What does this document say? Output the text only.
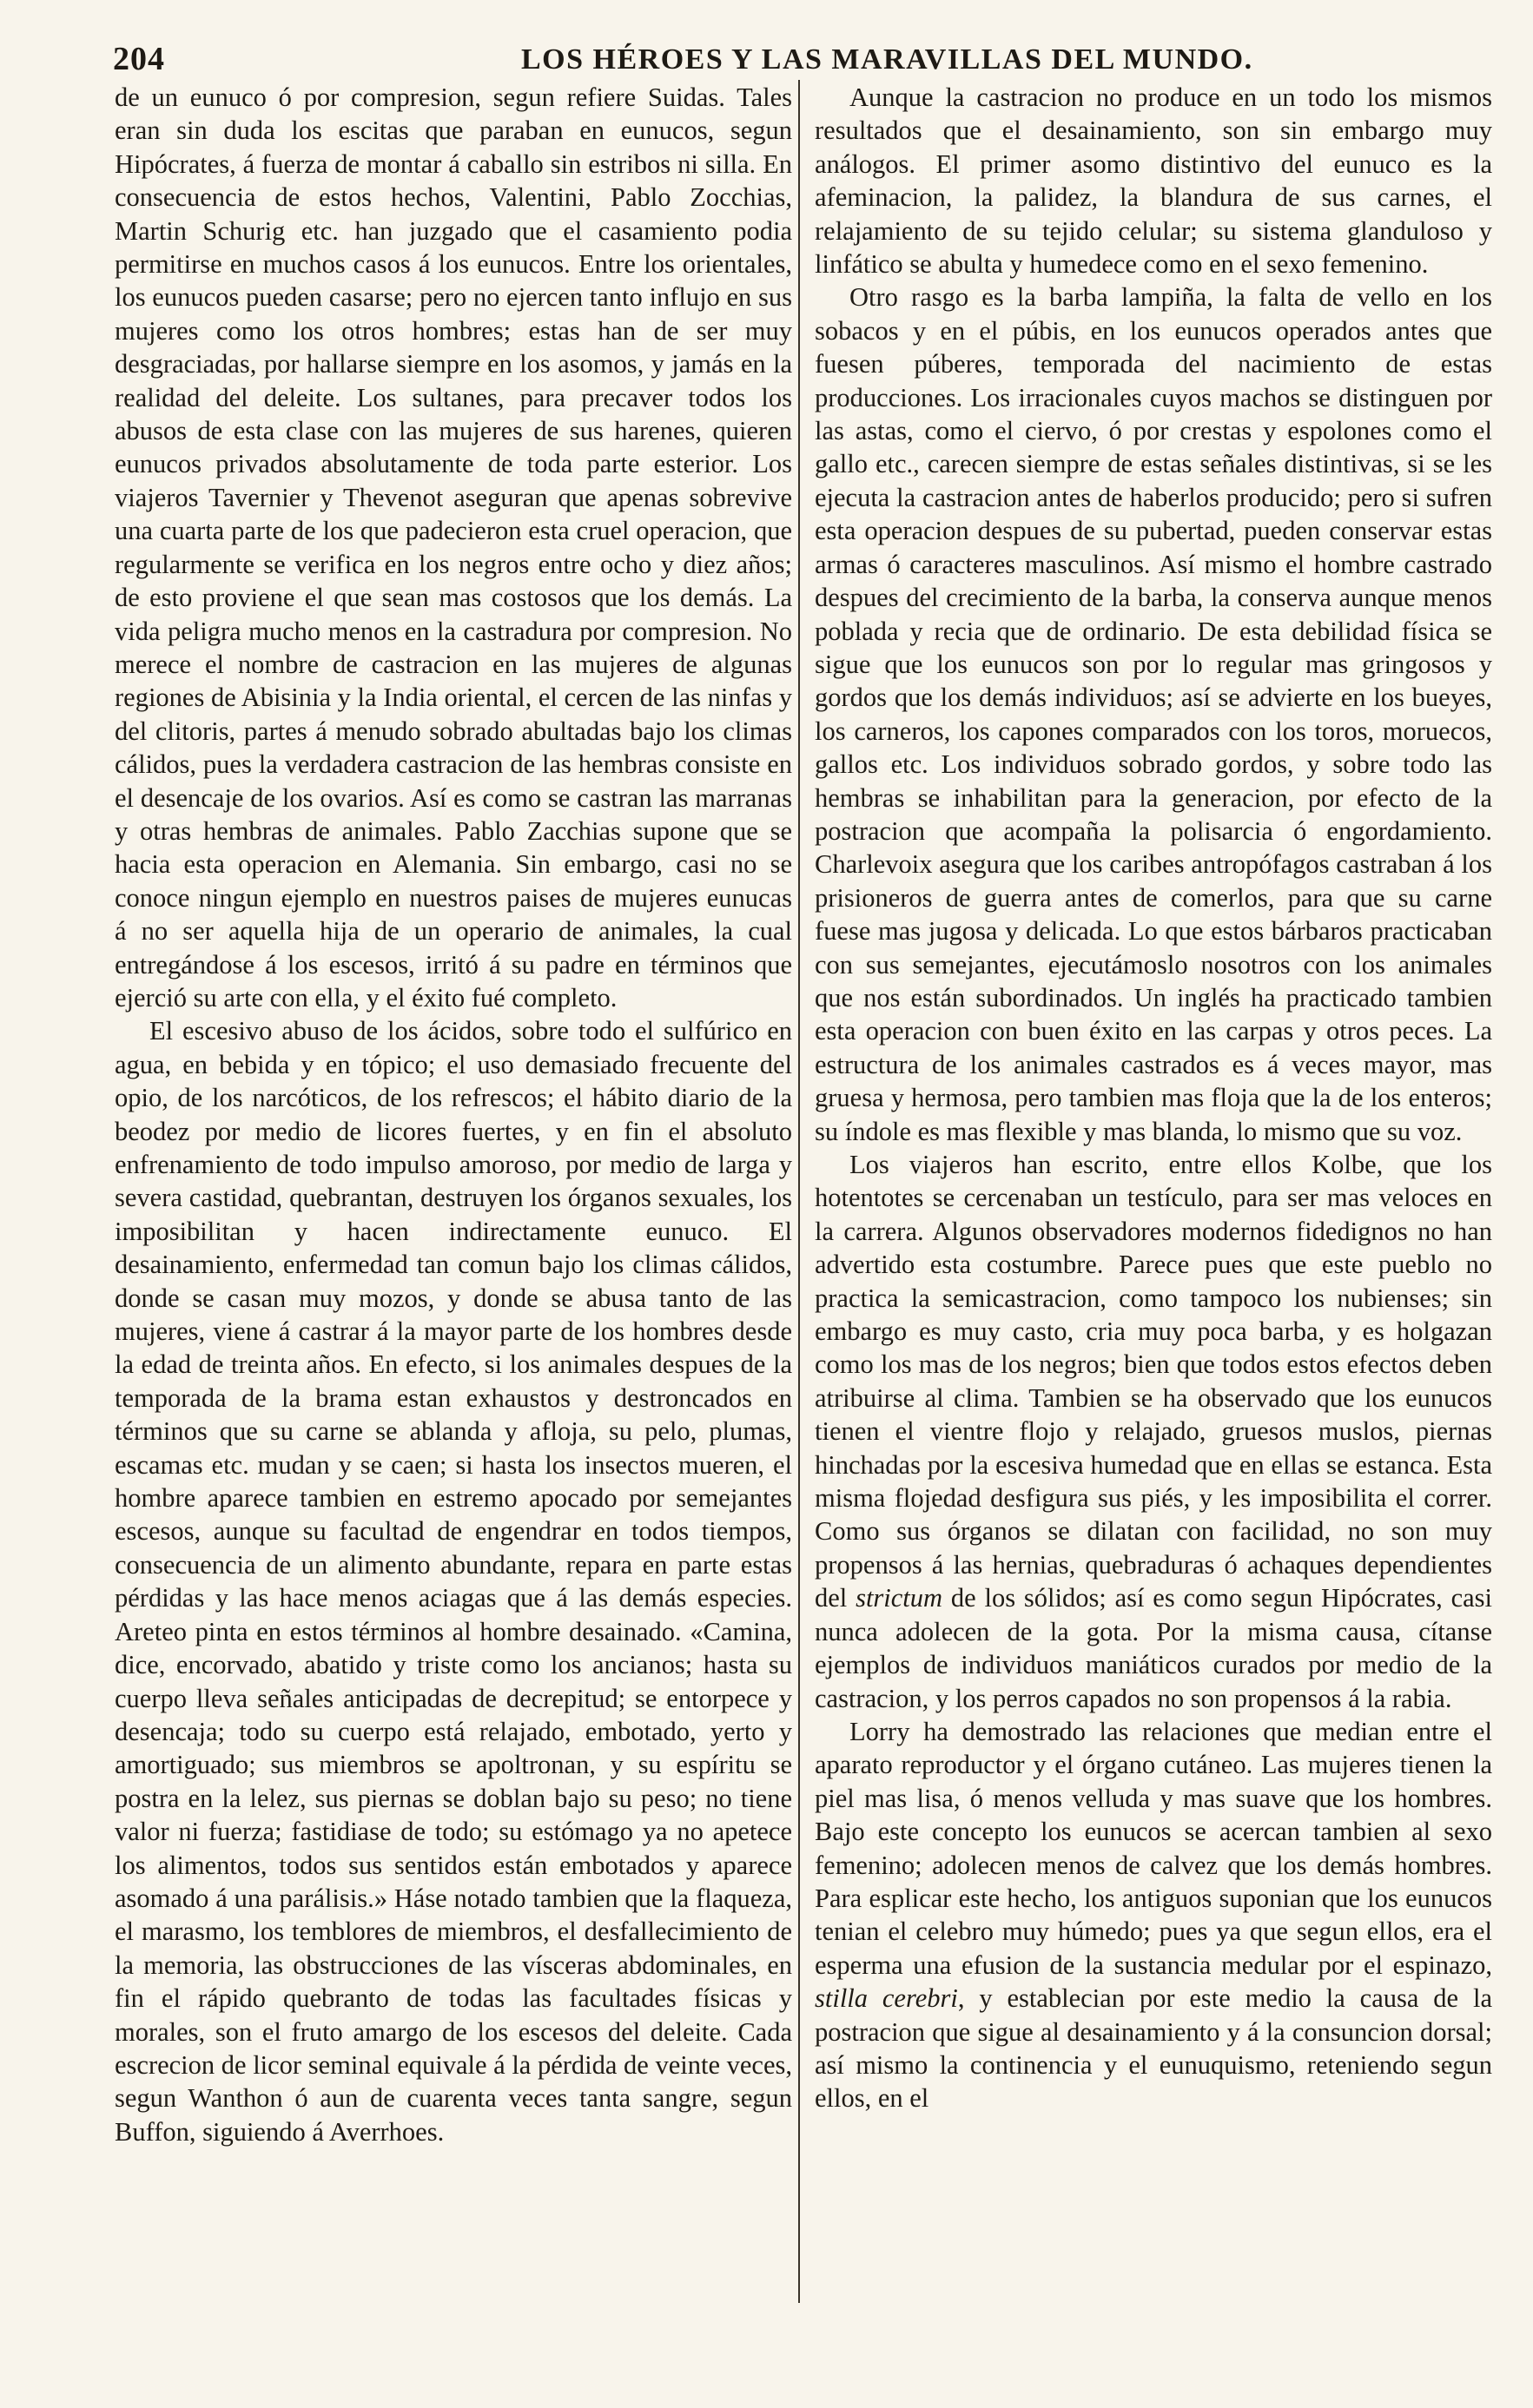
204	LOS HÉROES Y LAS MARAVILLAS DEL MUNDO.

de un eunuco ó por compresion, segun refiere Suidas. Tales eran sin duda los escitas que paraban en eunucos, segun Hipócrates, á fuerza de montar á caballo sin estribos ni silla. En consecuencia de estos hechos, Valentini, Pablo Zocchias, Martin Schurig etc. han juzgado que el casamiento podia permitirse en muchos casos á los eunucos. Entre los orientales, los eunucos pueden casarse; pero no ejercen tanto influjo en sus mujeres como los otros hombres; estas han de ser muy desgraciadas, por hallarse siempre en los asomos, y jamás en la realidad del deleite. Los sultanes, para precaver todos los abusos de esta clase con las mujeres de sus harenes, quieren eunucos privados absolutamente de toda parte esterior. Los viajeros Tavernier y Thevenot aseguran que apenas sobrevive una cuarta parte de los que padecieron esta cruel operacion, que regularmente se verifica en los negros entre ocho y diez años; de esto proviene el que sean mas costosos que los demás. La vida peligra mucho menos en la castradura por compresion. No merece el nombre de castracion en las mujeres de algunas regiones de Abisinia y la India oriental, el cercen de las ninfas y del clitoris, partes á menudo sobrado abultadas bajo los climas cálidos, pues la verdadera castracion de las hembras consiste en el desencaje de los ovarios. Así es como se castran las marranas y otras hembras de animales. Pablo Zacchias supone que se hacia esta operacion en Alemania. Sin embargo, casi no se conoce ningun ejemplo en nuestros paises de mujeres eunucas á no ser aquella hija de un operario de animales, la cual entregándose á los escesos, irritó á su padre en términos que ejerció su arte con ella, y el éxito fué completo.

El escesivo abuso de los ácidos, sobre todo el sulfúrico en agua, en bebida y en tópico; el uso demasiado frecuente del opio, de los narcóticos, de los refrescos; el hábito diario de la beodez por medio de licores fuertes, y en fin el absoluto enfrenamiento de todo impulso amoroso, por medio de larga y severa castidad, quebrantan, destruyen los órganos sexuales, los imposibilitan y hacen indirectamente eunuco. El desainamiento, enfermedad tan comun bajo los climas cálidos, donde se casan muy mozos, y donde se abusa tanto de las mujeres, viene á castrar á la mayor parte de los hombres desde la edad de treinta años. En efecto, si los animales despues de la temporada de la brama estan exhaustos y destroncados en términos que su carne se ablanda y afloja, su pelo, plumas, escamas etc. mudan y se caen; si hasta los insectos mueren, el hombre aparece tambien en estremo apocado por semejantes escesos, aunque su facultad de engendrar en todos tiempos, consecuencia de un alimento abundante, repara en parte estas pérdidas y las hace menos aciagas que á las demás especies. Areteo pinta en estos términos al hombre desainado. «Camina, dice, encorvado, abatido y triste como los ancianos; hasta su cuerpo lleva señales anticipadas de decrepitud; se entorpece y desencaja; todo su cuerpo está relajado, embotado, yerto y amortiguado; sus miembros se apoltronan, y su espíritu se postra en la lelez, sus piernas se doblan bajo su peso; no tiene valor ni fuerza; fastidiase de todo; su estómago ya no apetece los alimentos, todos sus sentidos están embotados y aparece asomado á una parálisis.» Háse notado tambien que la flaqueza, el marasmo, los temblores de miembros, el desfallecimiento de la memoria, las obstrucciones de las vísceras abdominales, en fin el rápido quebranto de todas las facultades físicas y morales, son el fruto amargo de los escesos del deleite. Cada escrecion de licor seminal equivale á la pérdida de veinte veces, segun Wanthon ó aun de cuarenta veces tanta sangre, segun Buffon, siguiendo á Averrhoes.

Aunque la castracion no produce en un todo los mismos resultados que el desainamiento, son sin embargo muy análogos. El primer asomo distintivo del eunuco es la afeminacion, la palidez, la blandura de sus carnes, el relajamiento de su tejido celular; su sistema glanduloso y linfático se abulta y humedece como en el sexo femenino.

Otro rasgo es la barba lampiña, la falta de vello en los sobacos y en el púbis, en los eunucos operados antes que fuesen púberes, temporada del nacimiento de estas producciones. Los irracionales cuyos machos se distinguen por las astas, como el ciervo, ó por crestas y espolones como el gallo etc., carecen siempre de estas señales distintivas, si se les ejecuta la castracion antes de haberlos producido; pero si sufren esta operacion despues de su pubertad, pueden conservar estas armas ó caracteres masculinos. Así mismo el hombre castrado despues del crecimiento de la barba, la conserva aunque menos poblada y recia que de ordinario. De esta debilidad física se sigue que los eunucos son por lo regular mas gringosos y gordos que los demás individuos; así se advierte en los bueyes, los carneros, los capones comparados con los toros, moruecos, gallos etc. Los individuos sobrado gordos, y sobre todo las hembras se inhabilitan para la generacion, por efecto de la postracion que acompaña la polisarcia ó engordamiento. Charlevoix asegura que los caribes antropófagos castraban á los prisioneros de guerra antes de comerlos, para que su carne fuese mas jugosa y delicada. Lo que estos bárbaros practicaban con sus semejantes, ejecutámoslo nosotros con los animales que nos están subordinados. Un inglés ha practicado tambien esta operacion con buen éxito en las carpas y otros peces. La estructura de los animales castrados es á veces mayor, mas gruesa y hermosa, pero tambien mas floja que la de los enteros; su índole es mas flexible y mas blanda, lo mismo que su voz.

Los viajeros han escrito, entre ellos Kolbe, que los hotentotes se cercenaban un testículo, para ser mas veloces en la carrera. Algunos observadores modernos fidedignos no han advertido esta costumbre. Parece pues que este pueblo no practica la semicastracion, como tampoco los nubienses; sin embargo es muy casto, cria muy poca barba, y es holgazan como los mas de los negros; bien que todos estos efectos deben atribuirse al clima. Tambien se ha observado que los eunucos tienen el vientre flojo y relajado, gruesos muslos, piernas hinchadas por la escesiva humedad que en ellas se estanca. Esta misma flojedad desfigura sus piés, y les imposibilita el correr. Como sus órganos se dilatan con facilidad, no son muy propensos á las hernias, quebraduras ó achaques dependientes del strictum de los sólidos; así es como segun Hipócrates, casi nunca adolecen de la gota. Por la misma causa, cítanse ejemplos de individuos maniáticos curados por medio de la castracion, y los perros capados no son propensos á la rabia.

Lorry ha demostrado las relaciones que median entre el aparato reproductor y el órgano cutáneo. Las mujeres tienen la piel mas lisa, ó menos velluda y mas suave que los hombres. Bajo este concepto los eunucos se acercan tambien al sexo femenino; adolecen menos de calvez que los demás hombres. Para esplicar este hecho, los antiguos suponian que los eunucos tenian el celebro muy húmedo; pues ya que segun ellos, era el esperma una efusion de la sustancia medular por el espinazo, stilla cerebri, y establecian por este medio la causa de la postracion que sigue al desainamiento y á la consuncion dorsal; así mismo la continencia y el eunuquismo, reteniendo segun ellos, en el
